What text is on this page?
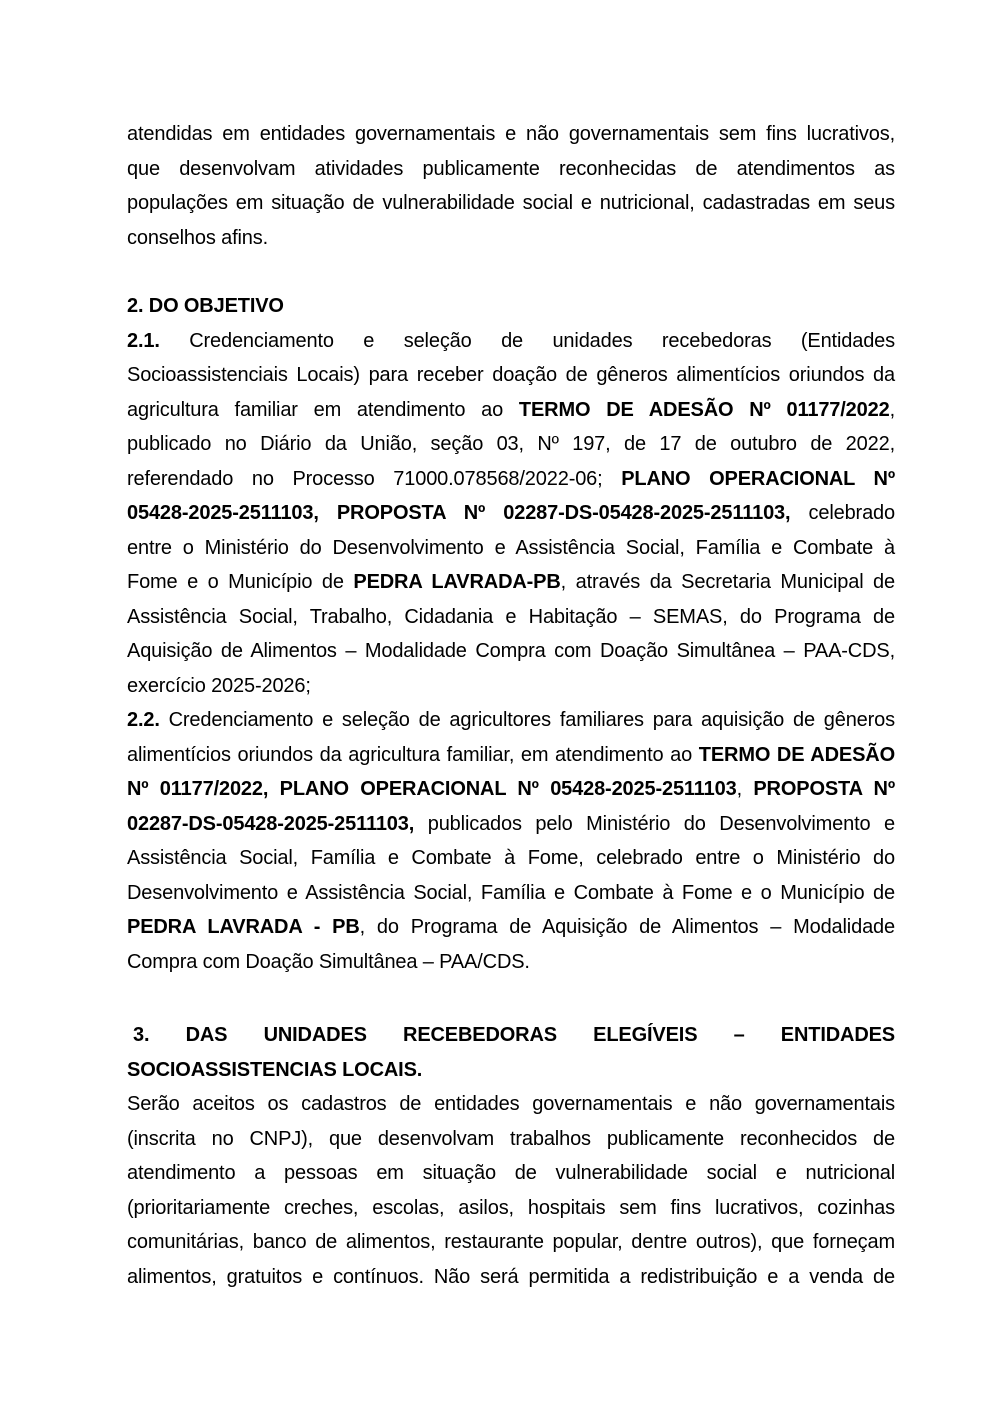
atendidas em entidades governamentais e não governamentais sem fins lucrativos,
que desenvolvam atividades publicamente reconhecidas de atendimentos as
populações em situação de vulnerabilidade social e nutricional, cadastradas em seus
conselhos afins.
2. DO OBJETIVO
2.1. Credenciamento e seleção de unidades recebedoras (Entidades
Socioassistenciais Locais) para receber doação de gêneros alimentícios oriundos da
agricultura familiar em atendimento ao TERMO DE ADESÃO Nº 01177/2022,
publicado no Diário da União, seção 03, Nº 197, de 17 de outubro de 2022,
referendado no Processo 71000.078568/2022-06; PLANO OPERACIONAL Nº
05428-2025-2511103, PROPOSTA Nº 02287-DS-05428-2025-2511103, celebrado
entre o Ministério do Desenvolvimento e Assistência Social, Família e Combate à
Fome e o Município de PEDRA LAVRADA-PB, através da Secretaria Municipal de
Assistência Social, Trabalho, Cidadania e Habitação – SEMAS, do Programa de
Aquisição de Alimentos – Modalidade Compra com Doação Simultânea – PAA-CDS,
exercício 2025-2026;
2.2. Credenciamento e seleção de agricultores familiares para aquisição de gêneros
alimentícios oriundos da agricultura familiar, em atendimento ao TERMO DE ADESÃO
Nº 01177/2022, PLANO OPERACIONAL Nº 05428-2025-2511103, PROPOSTA Nº
02287-DS-05428-2025-2511103, publicados pelo Ministério do Desenvolvimento e
Assistência Social, Família e Combate à Fome, celebrado entre o Ministério do
Desenvolvimento e Assistência Social, Família e Combate à Fome e o Município de
PEDRA LAVRADA - PB, do Programa de Aquisição de Alimentos – Modalidade
Compra com Doação Simultânea – PAA/CDS.
3. DAS UNIDADES RECEBEDORAS ELEGÍVEIS – ENTIDADES
SOCIOASSISTENCIAS LOCAIS.
Serão aceitos os cadastros de entidades governamentais e não governamentais
(inscrita no CNPJ), que desenvolvam trabalhos publicamente reconhecidos de
atendimento a pessoas em situação de vulnerabilidade social e nutricional
(prioritariamente creches, escolas, asilos, hospitais sem fins lucrativos, cozinhas
comunitárias, banco de alimentos, restaurante popular, dentre outros), que forneçam
alimentos, gratuitos e contínuos. Não será permitida a redistribuição e a venda de
